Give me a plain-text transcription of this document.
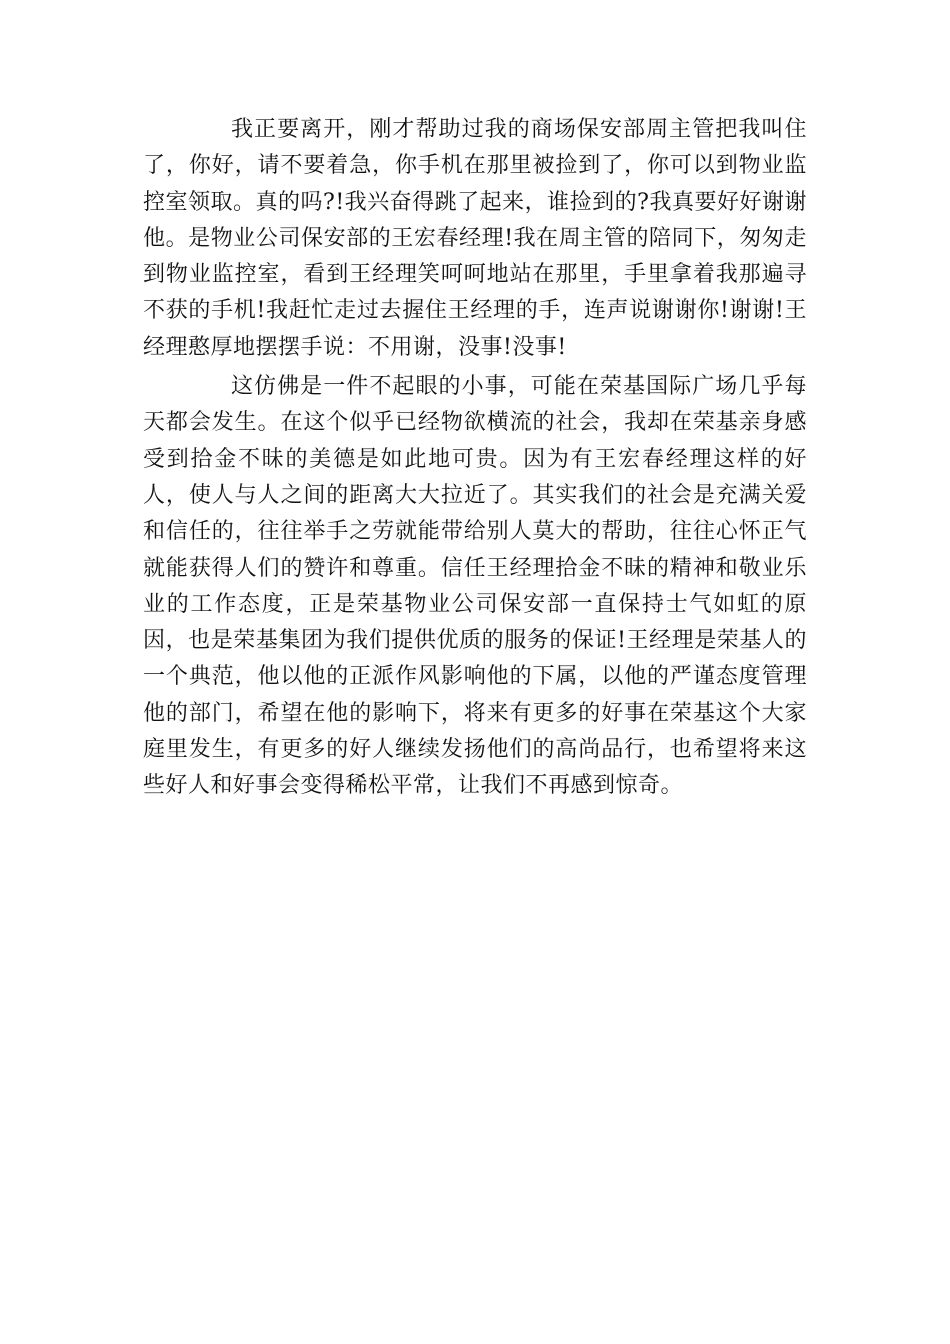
我正要离开，刚才帮助过我的商场保安部周主管把我叫住了，你好，请不要着急，你手机在那里被捡到了，你可以到物业监控室领取。真的吗?!我兴奋得跳了起来，谁捡到的?我真要好好谢谢他。是物业公司保安部的王宏春经理!我在周主管的陪同下，匆匆走到物业监控室，看到王经理笑呵呵地站在那里，手里拿着我那遍寻不获的手机!我赶忙走过去握住王经理的手，连声说谢谢你!谢谢!王经理憨厚地摆摆手说：不用谢，没事!没事!

这仿佛是一件不起眼的小事，可能在荣基国际广场几乎每天都会发生。在这个似乎已经物欲横流的社会，我却在荣基亲身感受到拾金不昧的美德是如此地可贵。因为有王宏春经理这样的好人，使人与人之间的距离大大拉近了。其实我们的社会是充满关爱和信任的，往往举手之劳就能带给别人莫大的帮助，往往心怀正气就能获得人们的赞许和尊重。信任王经理拾金不昧的精神和敬业乐业的工作态度，正是荣基物业公司保安部一直保持士气如虹的原因，也是荣基集团为我们提供优质的服务的保证!王经理是荣基人的一个典范，他以他的正派作风影响他的下属，以他的严谨态度管理他的部门，希望在他的影响下，将来有更多的好事在荣基这个大家庭里发生，有更多的好人继续发扬他们的高尚品行，也希望将来这些好人和好事会变得稀松平常，让我们不再感到惊奇。
